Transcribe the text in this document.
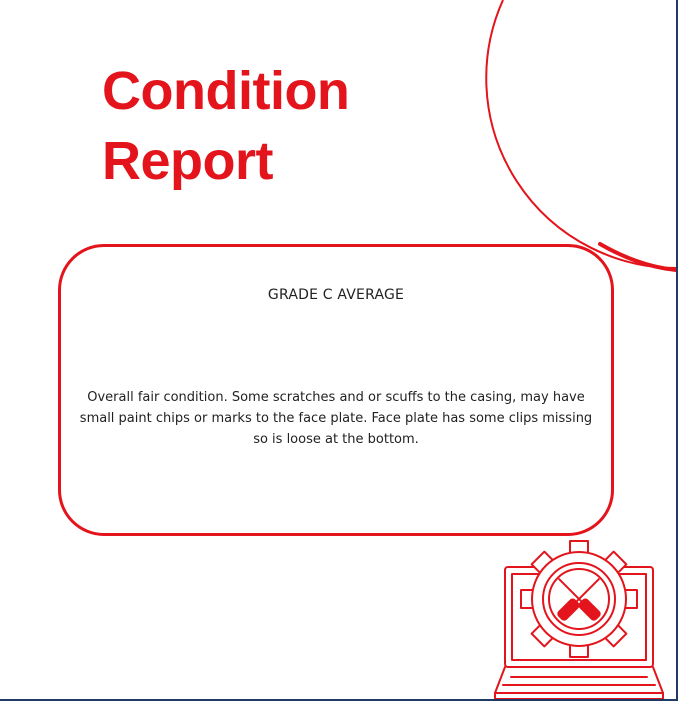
Condition
Report
GRADE C AVERAGE

Overall fair condition. Some scratches and or scuffs to the casing, may have small paint chips or marks to the face plate. Face plate has some clips missing so is loose at the bottom.
